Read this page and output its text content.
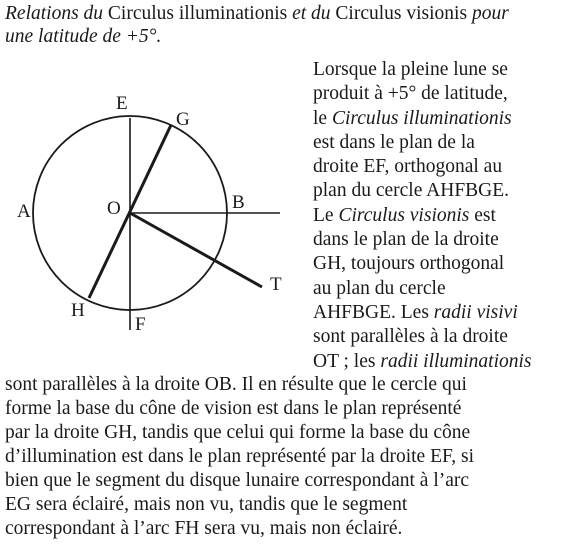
Relations du Circulus illuminationis et du Circulus visionis pour
une latitude de +5°.
E
G
A	O	B
T
H
F
Lorsque la pleine lune se
produit à +5° de latitude,
le Circulus illuminationis
est dans le plan de la
droite EF, orthogonal au
plan du cercle AHFBGE.
Le Circulus visionis est
dans le plan de la droite
GH, toujours orthogonal
au plan du cercle
AHFBGE. Les radii visivi
sont parallèles à la droite
OT ; les radii illuminationis
sont parallèles à la droite OB. Il en résulte que le cercle qui
forme la base du cône de vision est dans le plan représenté
par la droite GH, tandis que celui qui forme la base du cône
d’illumination est dans le plan représenté par la droite EF, si
bien que le segment du disque lunaire correspondant à l’arc
EG sera éclairé, mais non vu, tandis que le segment
correspondant à l’arc FH sera vu, mais non éclairé.
